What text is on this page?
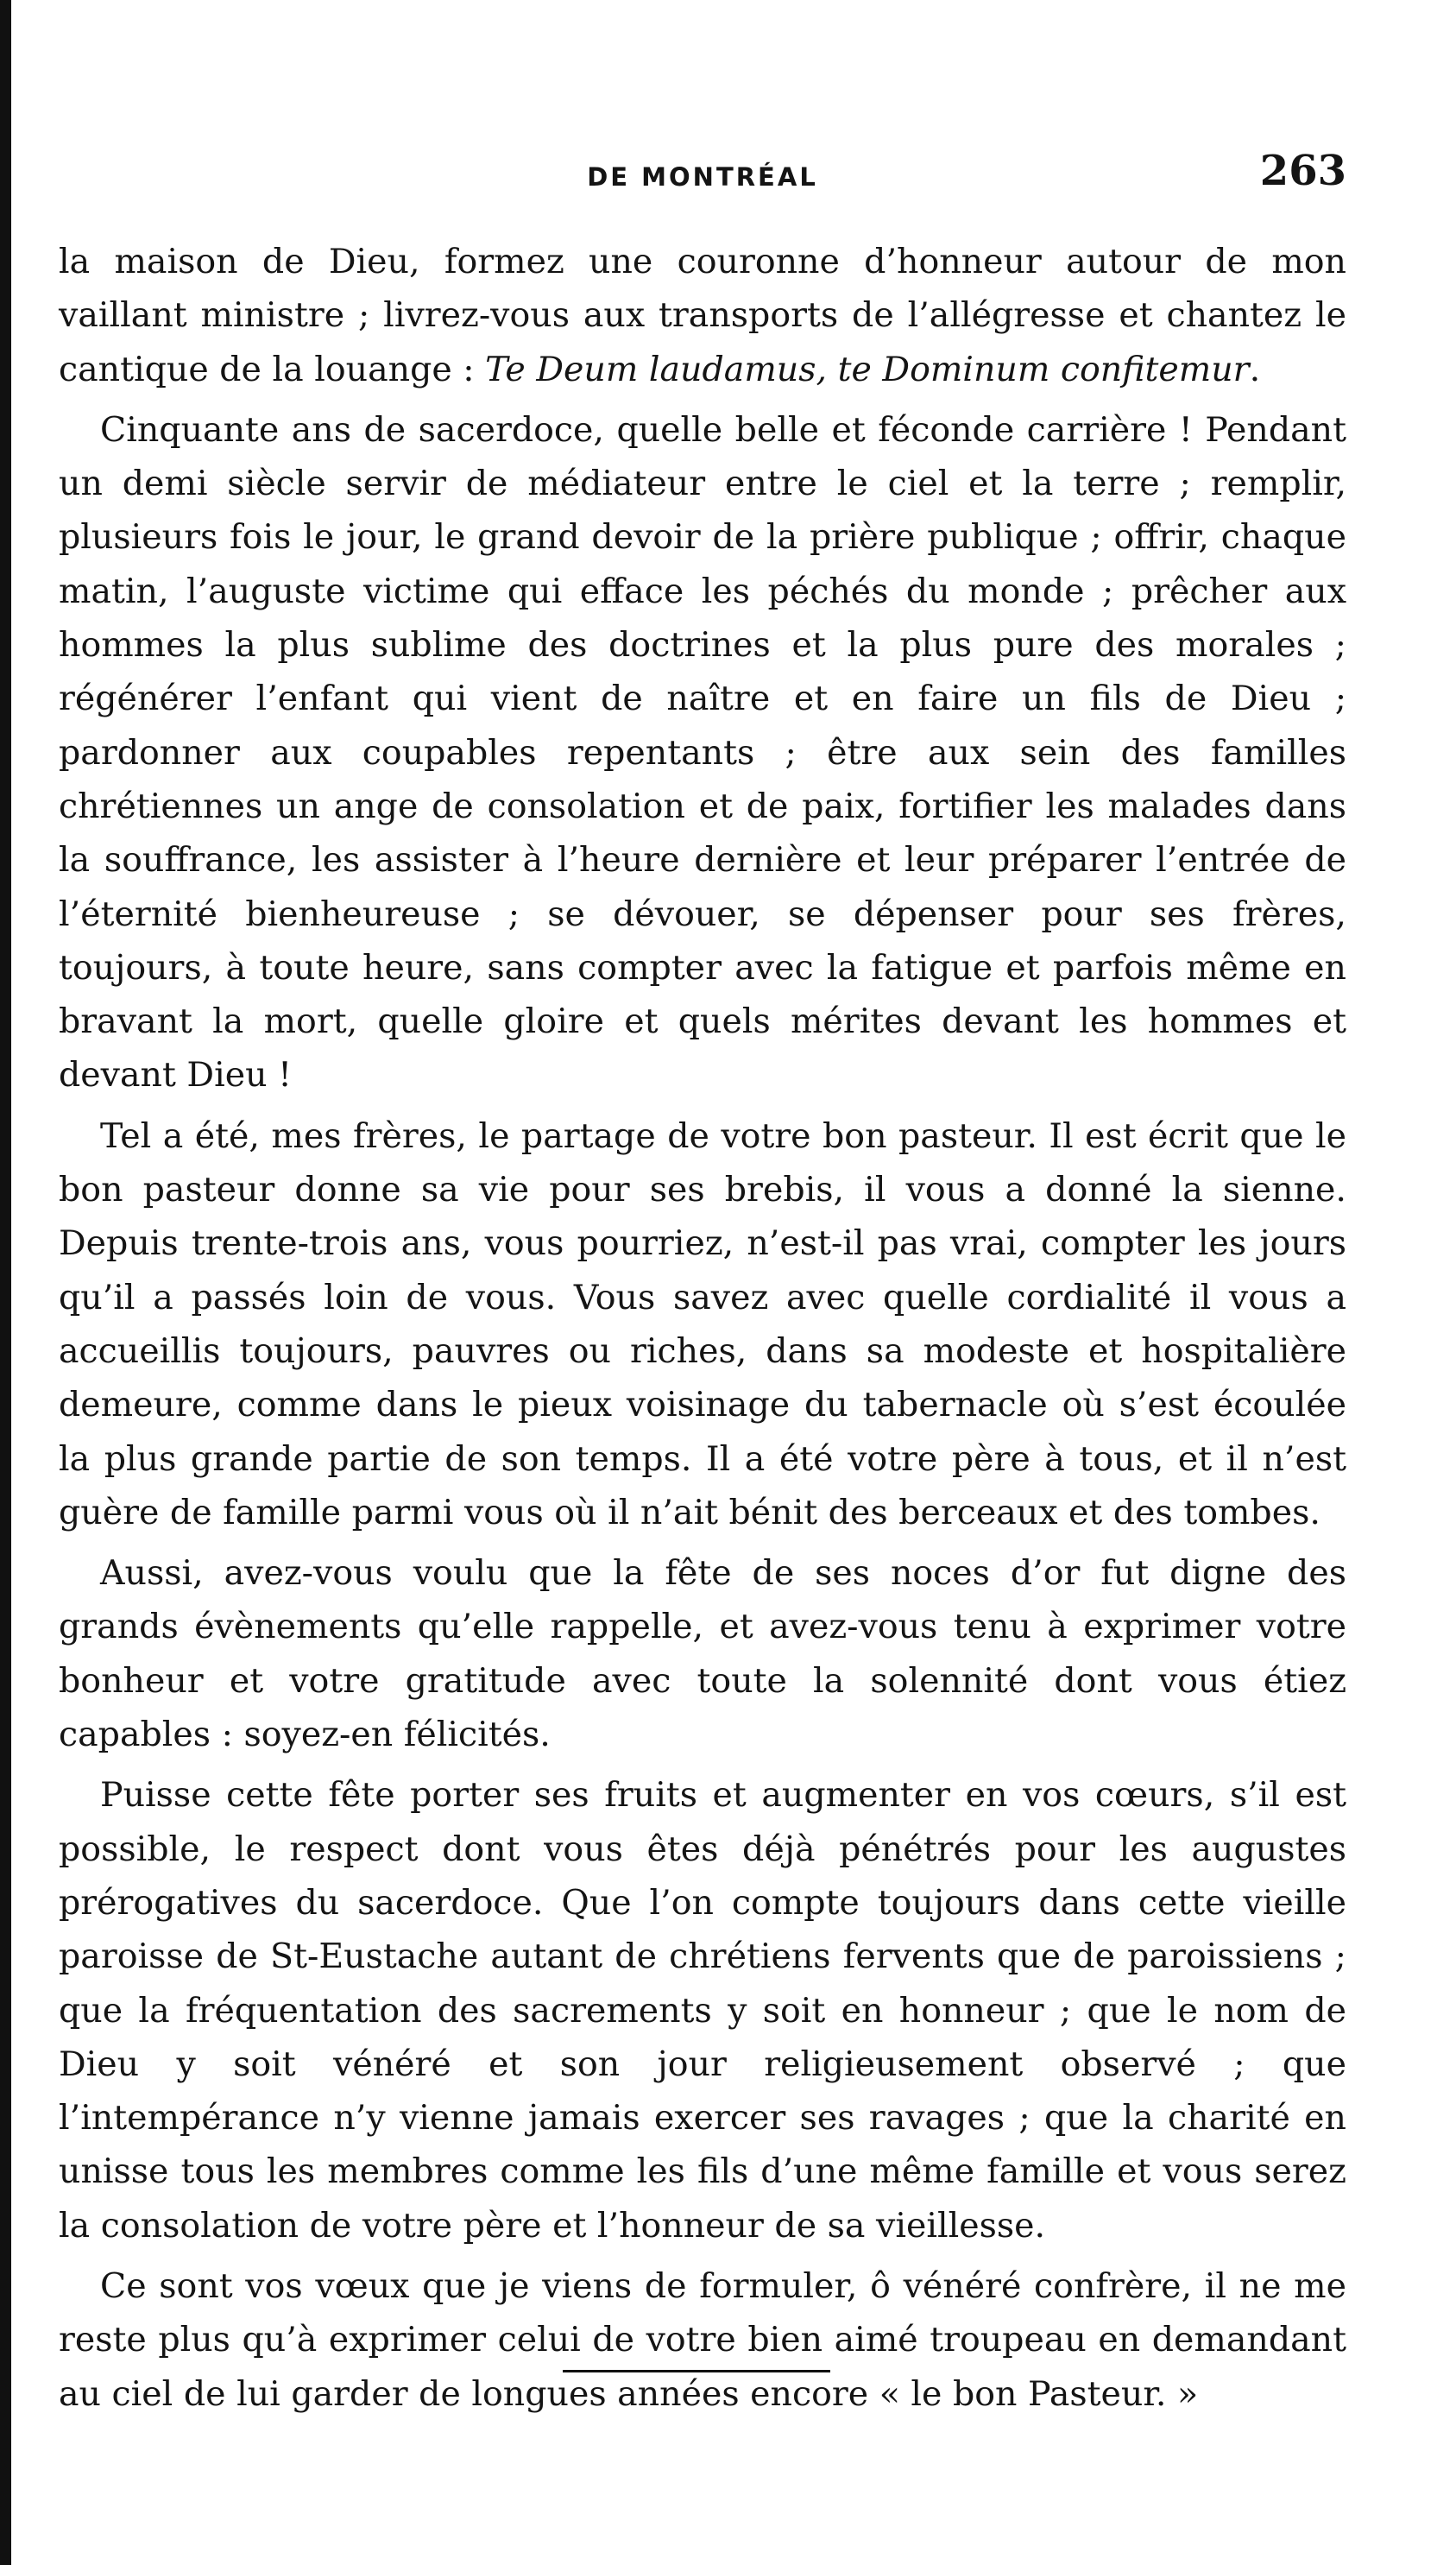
DE MONTRÉAL	263

la maison de Dieu, formez une couronne d’honneur autour de mon vaillant ministre ; livrez-vous aux transports de l’allégresse et chantez le cantique de la louange : Te Deum laudamus, te Dominum confitemur.

Cinquante ans de sacerdoce, quelle belle et féconde carrière ! Pendant un demi siècle servir de médiateur entre le ciel et la terre ; remplir, plusieurs fois le jour, le grand devoir de la prière publique ; offrir, chaque matin, l’auguste victime qui efface les péchés du monde ; prêcher aux hommes la plus sublime des doctrines et la plus pure des morales ; régénérer l’enfant qui vient de naître et en faire un fils de Dieu ; pardonner aux coupables repentants ; être aux sein des familles chrétiennes un ange de consolation et de paix, fortifier les malades dans la souffrance, les assister à l’heure dernière et leur préparer l’entrée de l’éternité bienheureuse ; se dévouer, se dépenser pour ses frères, toujours, à toute heure, sans compter avec la fatigue et parfois même en bravant la mort, quelle gloire et quels mérites devant les hommes et devant Dieu !

Tel a été, mes frères, le partage de votre bon pasteur. Il est écrit que le bon pasteur donne sa vie pour ses brebis, il vous a donné la sienne. Depuis trente-trois ans, vous pourriez, n’est-il pas vrai, compter les jours qu’il a passés loin de vous. Vous savez avec quelle cordialité il vous a accueillis toujours, pauvres ou riches, dans sa modeste et hospitalière demeure, comme dans le pieux voisinage du tabernacle où s’est écoulée la plus grande partie de son temps. Il a été votre père à tous, et il n’est guère de famille parmi vous où il n’ait bénit des berceaux et des tombes.

Aussi, avez-vous voulu que la fête de ses noces d’or fut digne des grands évènements qu’elle rappelle, et avez-vous tenu à exprimer votre bonheur et votre gratitude avec toute la solennité dont vous étiez capables : soyez-en félicités.

Puisse cette fête porter ses fruits et augmenter en vos cœurs, s’il est possible, le respect dont vous êtes déjà pénétrés pour les augustes prérogatives du sacerdoce. Que l’on compte toujours dans cette vieille paroisse de St-Eustache autant de chrétiens fervents que de paroissiens ; que la fréquentation des sacrements y soit en honneur ; que le nom de Dieu y soit vénéré et son jour religieusement observé ; que l’intempérance n’y vienne jamais exercer ses ravages ; que la charité en unisse tous les membres comme les fils d’une même famille et vous serez la consolation de votre père et l’honneur de sa vieillesse.

Ce sont vos vœux que je viens de formuler, ô vénéré confrère, il ne me reste plus qu’à exprimer celui de votre bien aimé troupeau en demandant au ciel de lui garder de longues années encore « le bon Pasteur. »
